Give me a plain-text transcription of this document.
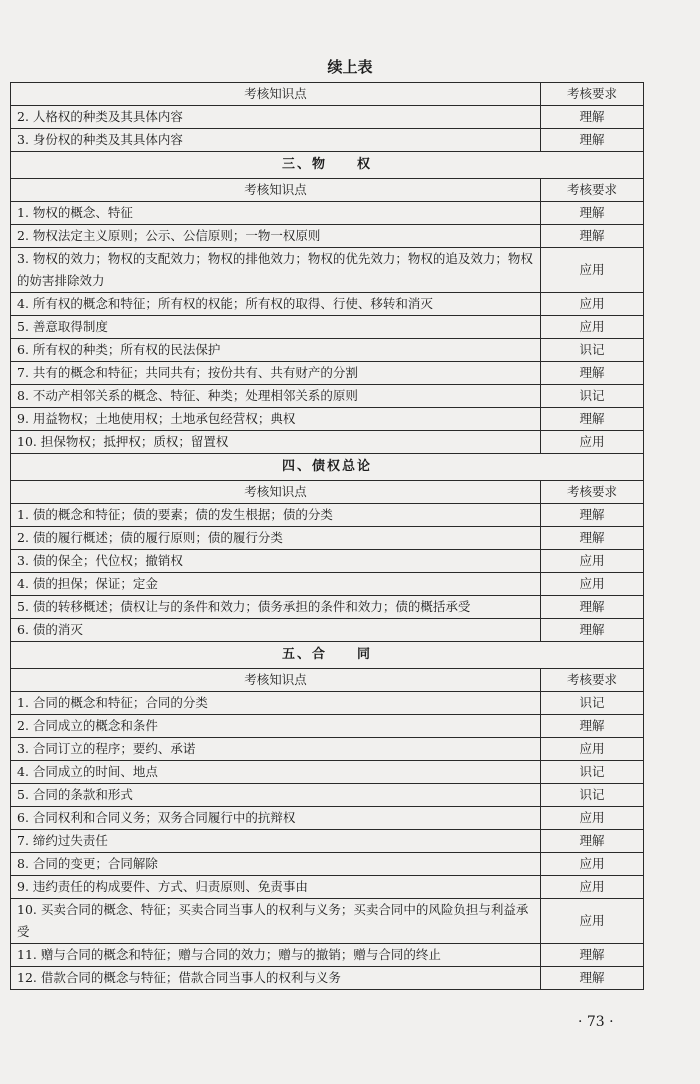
续上表
考核知识点	考核要求
2. 人格权的种类及其具体内容	理解
3. 身份权的种类及其具体内容	理解
三、物　　权	
考核知识点	考核要求
1. 物权的概念、特征	理解
2. 物权法定主义原则；公示、公信原则；一物一权原则	理解
3. 物权的效力；物权的支配效力；物权的排他效力；物权的优先效力；物权的追及效力；物权的妨害排除效力	应用
4. 所有权的概念和特征；所有权的权能；所有权的取得、行使、移转和消灭	应用
5. 善意取得制度	应用
6. 所有权的种类；所有权的民法保护	识记
7. 共有的概念和特征；共同共有；按份共有、共有财产的分割	理解
8. 不动产相邻关系的概念、特征、种类；处理相邻关系的原则	识记
9. 用益物权；土地使用权；土地承包经营权；典权	理解
10. 担保物权；抵押权；质权；留置权	应用
四、债权总论	
考核知识点	考核要求
1. 债的概念和特征；债的要素；债的发生根据；债的分类	理解
2. 债的履行概述；债的履行原则；债的履行分类	理解
3. 债的保全；代位权；撤销权	应用
4. 债的担保；保证；定金	应用
5. 债的转移概述；债权让与的条件和效力；债务承担的条件和效力；债的概括承受	理解
6. 债的消灭	理解
五、合　　同	
考核知识点	考核要求
1. 合同的概念和特征；合同的分类	识记
2. 合同成立的概念和条件	理解
3. 合同订立的程序；要约、承诺	应用
4. 合同成立的时间、地点	识记
5. 合同的条款和形式	识记
6. 合同权利和合同义务；双务合同履行中的抗辩权	应用
7. 缔约过失责任	理解
8. 合同的变更；合同解除	应用
9. 违约责任的构成要件、方式、归责原则、免责事由	应用
10. 买卖合同的概念、特征；买卖合同当事人的权利与义务；买卖合同中的风险负担与利益承受	应用
11. 赠与合同的概念和特征；赠与合同的效力；赠与的撤销；赠与合同的终止	理解
12. 借款合同的概念与特征；借款合同当事人的权利与义务	理解
· 73 ·
